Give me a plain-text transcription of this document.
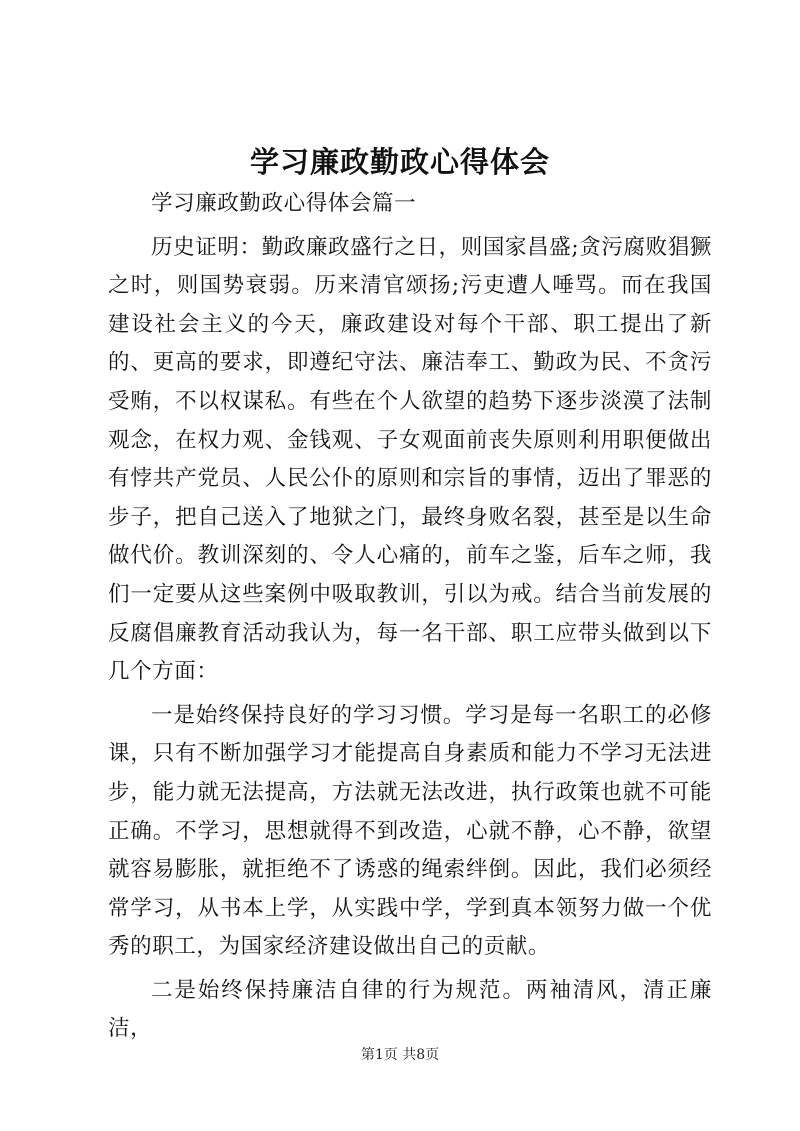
学习廉政勤政心得体会

学习廉政勤政心得体会篇一

历史证明：勤政廉政盛行之日，则国家昌盛;贪污腐败猖獗之时，则国势衰弱。历来清官颂扬;污吏遭人唾骂。而在我国建设社会主义的今天，廉政建设对每个干部、职工提出了新的、更高的要求，即遵纪守法、廉洁奉工、勤政为民、不贪污受贿，不以权谋私。有些在个人欲望的趋势下逐步淡漠了法制观念，在权力观、金钱观、子女观面前丧失原则利用职便做出有悖共产党员、人民公仆的原则和宗旨的事情，迈出了罪恶的步子，把自己送入了地狱之门，最终身败名裂，甚至是以生命做代价。教训深刻的、令人心痛的，前车之鉴，后车之师，我们一定要从这些案例中吸取教训，引以为戒。结合当前发展的反腐倡廉教育活动我认为，每一名干部、职工应带头做到以下几个方面：

一是始终保持良好的学习习惯。学习是每一名职工的必修课，只有不断加强学习才能提高自身素质和能力不学习无法进步，能力就无法提高，方法就无法改进，执行政策也就不可能正确。不学习，思想就得不到改造，心就不静，心不静，欲望就容易膨胀，就拒绝不了诱惑的绳索绊倒。因此，我们必须经常学习，从书本上学，从实践中学，学到真本领努力做一个优秀的职工，为国家经济建设做出自己的贡献。

二是始终保持廉洁自律的行为规范。两袖清风，清正廉洁，

第1页 共8页
